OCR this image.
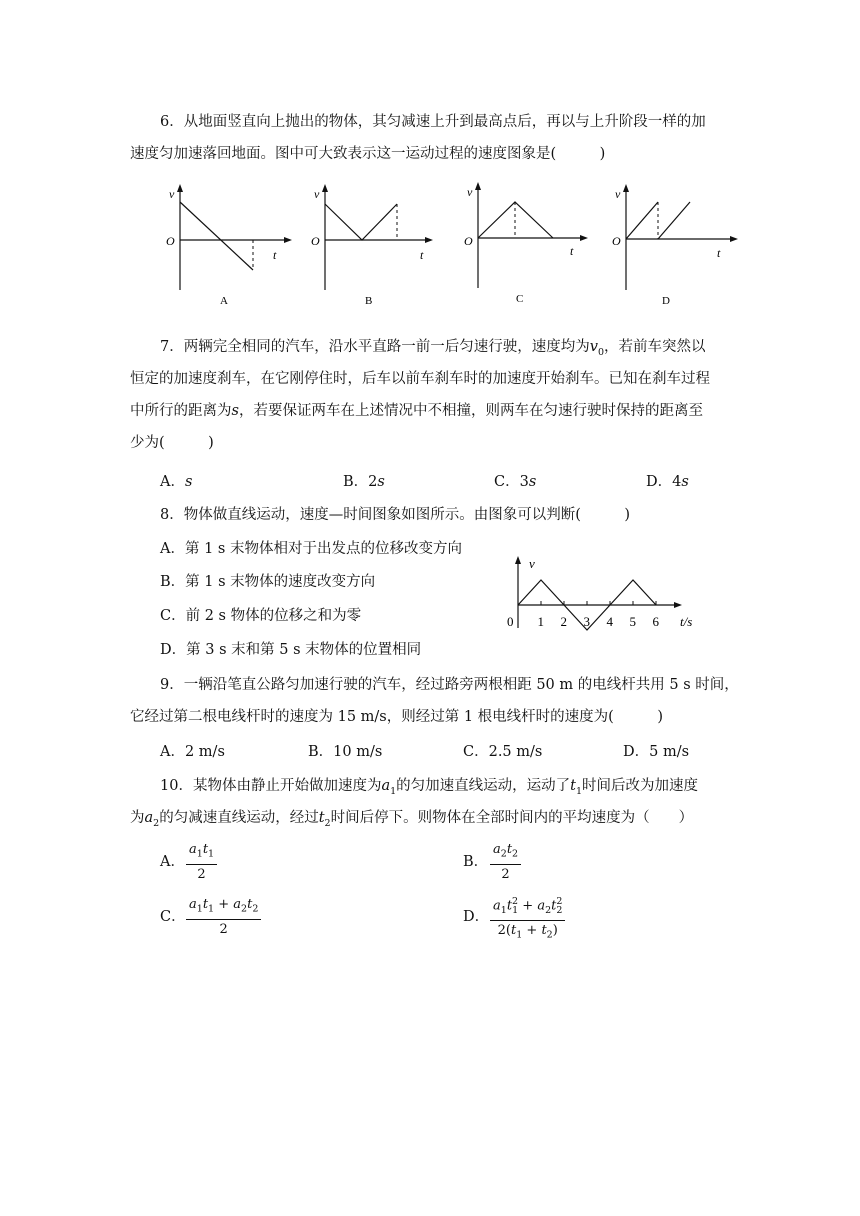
6．从地面竖直向上抛出的物体，其匀减速上升到最高点后，再以与上升阶段一样的加
速度匀加速落回地面。图中可大致表示这一运动过程的速度图象是(　　　)
v
O
t
A
v
O
t
B
v
O
t
C
v
O
t
D
7．两辆完全相同的汽车，沿水平直路一前一后匀速行驶，速度均为$v_0$，若前车突然以
恒定的加速度刹车，在它刚停住时，后车以前车刹车时的加速度开始刹车。已知在刹车过程
中所行的距离为s，若要保证两车在上述情况中不相撞，则两车在匀速行驶时保持的距离至
少为(　　　)
A．s	B．2s	C．3s	D．4s
8．物体做直线运动，速度—时间图象如图所示。由图象可以判断(　　　)
A．第 1 s 末物体相对于出发点的位移改变方向
B．第 1 s 末物体的速度改变方向
C．前 2 s 物体的位移之和为零
D．第 3 s 末和第 5 s 末物体的位置相同
v
t/s
0 1 2 3 4 5 6
9．一辆沿笔直公路匀加速行驶的汽车，经过路旁两根相距 50 m 的电线杆共用 5 s 时间，
它经过第二根电线杆时的速度为 15 m/s，则经过第 1 根电线杆时的速度为(　　　)
A．2 m/s	B．10 m/s	C．2.5 m/s	D．5 m/s
10．某物体由静止开始做加速度为$a_1$的匀加速直线运动，运动了$t_1$时间后改为加速度
为$a_2$的匀减速直线运动，经过$t_2$时间后停下。则物体在全部时间内的平均速度为（　　）
A．
$a_1t_1$
2
B．
$a_2t_2$
2
C．
$a_1t_1 + a_2t_2$
2
D．
$a_1t^2_1 + a_2t^2_2$
$2(t_1 + t_2)$
